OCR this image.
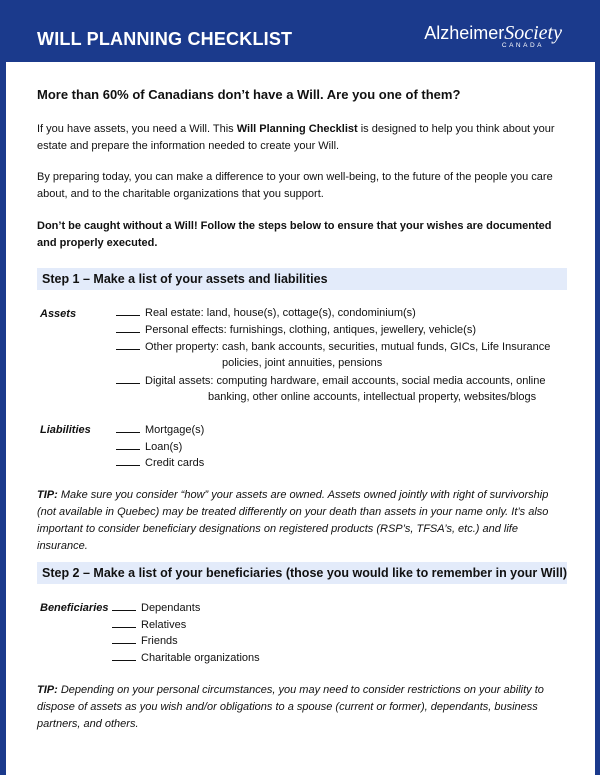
WILL PLANNING CHECKLIST	AlzheimerSociety
CANADA
More than 60% of Canadians don’t have a Will. Are you one of them?

If you have assets, you need a Will. This Will Planning Checklist is designed to help you think about your estate and prepare the information needed to create your Will.

By preparing today, you can make a difference to your own well-being, to the future of the people you care about, and to the charitable organizations that you support.

Don’t be caught without a Will! Follow the steps below to ensure that your wishes are documented and properly executed.

Step 1 – Make a list of your assets and liabilities
Assets	Real estate: land, house(s), cottage(s), condominium(s)
Personal effects: furnishings, clothing, antiques, jewellery, vehicle(s)
Other property: cash, bank accounts, securities, mutual funds, GICs, Life Insurance
policies, joint annuities, pensions
Digital assets: computing hardware, email accounts, social media accounts, online
banking, other online accounts, intellectual property, websites/blogs
Liabilities	Mortgage(s)
Loan(s)
Credit cards

TIP: Make sure you consider “how” your assets are owned. Assets owned jointly with right of survivorship (not available in Quebec) may be treated differently on your death than assets in your name only. It’s also important to consider beneficiary designations on registered products (RSP’s, TFSA’s, etc.) and life insurance.

Step 2 – Make a list of your beneficiaries (those you would like to remember in your Will)
Beneficiaries	Dependants
Relatives
Friends
Charitable organizations

TIP: Depending on your personal circumstances, you may need to consider restrictions on your ability to dispose of assets as you wish and/or obligations to a spouse (current or former), dependants, business partners, and others.
